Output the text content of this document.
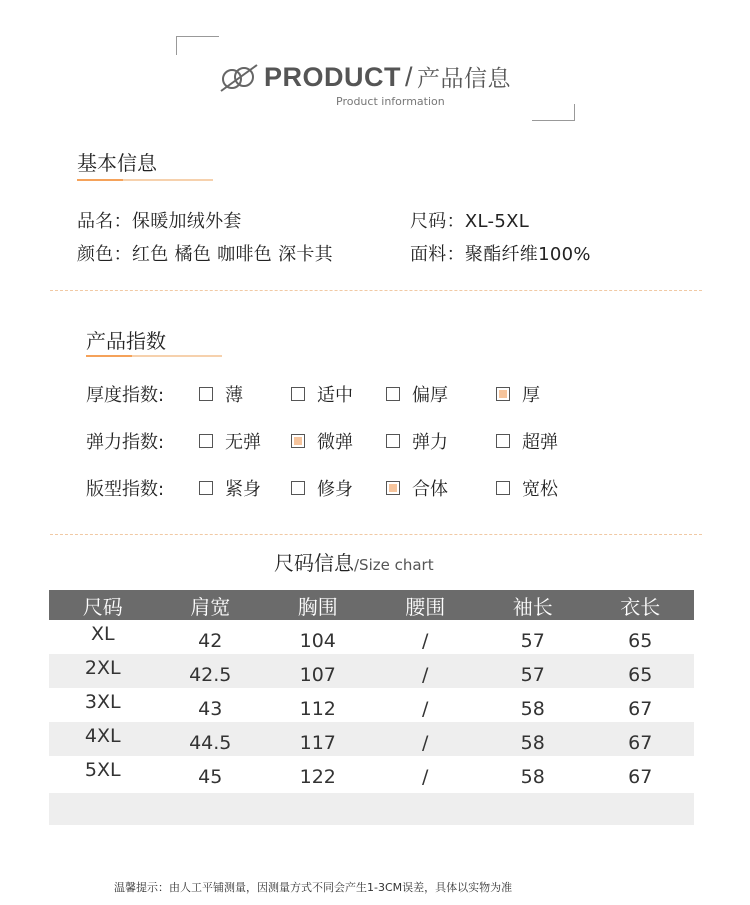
PRODUCT / 产品信息
Product information
基本信息
品名：保暖加绒外套	尺码：XL-5XL
颜色：红色 橘色 咖啡色 深卡其	面料：聚酯纤维100%
产品指数
厚度指数:	薄	适中	偏厚	厚
弹力指数:	无弹	微弹	弹力	超弹
版型指数:	紧身	修身	合体	宽松
尺码信息/Size chart
尺码	肩宽	胸围	腰围	袖长	衣长
XL	42	104	/	57	65
2XL	42.5	107	/	57	65
3XL	43	112	/	58	67
4XL	44.5	117	/	58	67
5XL	45	122	/	58	67
温馨提示：由人工平铺测量，因测量方式不同会产生1-3CM误差，具体以实物为准
